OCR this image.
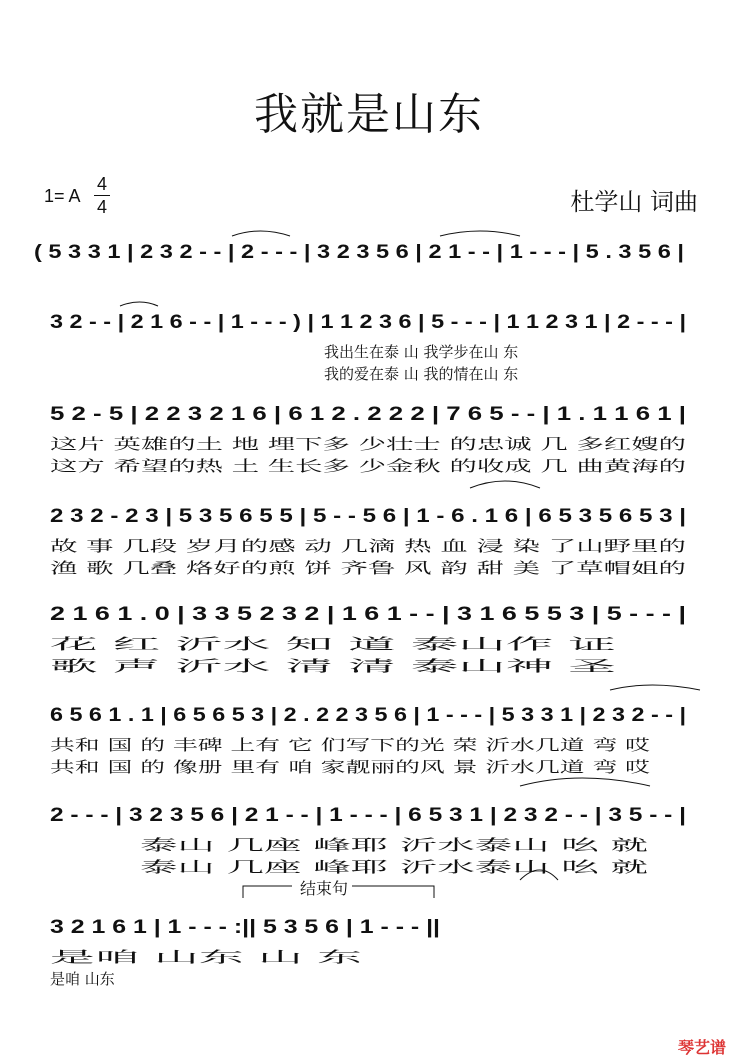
我就是山东
1= A
4
4	杜学山 词曲
( 5 3 3 1 | 2 3 2 - - | 2 - - - | 3 2 3 5 6 | 2 1 - - | 1 - - - | 5 . 3 5 6 |
3 2 - - | 2 1 6 - - | 1 - - - ) | 1 1 2 3 6 | 5 - - - | 1 1 2 3 1 | 2 - - - |
我出生在泰 山 我学步在山 东
我的爱在泰 山 我的情在山 东
5 2 - 5 | 2 2 3 2 1 6 | 6 1 2 . 2 2 2 | 7 6 5 - - | 1 . 1 1 6 1 |
这片 英雄的土 地 埋下多 少壮士 的忠诚 几 多红嫂的
这方 希望的热 土 生长多 少金秋 的收成 几 曲黄海的
2 3 2 - 2 3 | 5 3 5 6 5 5 | 5 - - 5 6 | 1 - 6 . 1 6 | 6 5 3 5 6 5 3 |
故 事 几段 岁月的感 动 几滴 热 血 浸 染 了山野里的
渔 歌 几叠 烙好的煎 饼 齐鲁 风 韵 甜 美 了草帽姐的
2 1 6 1 . 0 | 3 3 5 2 3 2 | 1 6 1 - - | 3 1 6 5 5 3 | 5 - - - |
花 红 沂水 知 道 泰山作 证
歌 声 沂水 清 清 泰山神 圣
6 5 6 1 . 1 | 6 5 6 5 3 | 2 . 2 2 3 5 6 | 1 - - - | 5 3 3 1 | 2 3 2 - - |
共和 国 的 丰碑 上有 它 们写下的光 荣 沂水几道 弯 哎
共和 国 的 像册 里有 咱 家靓丽的风 景 沂水几道 弯 哎
2 - - - | 3 2 3 5 6 | 2 1 - - | 1 - - - | 6 5 3 1 | 2 3 2 - - | 3 5 - - |
泰山 几座 峰耶 沂水泰山 吆 就
泰山 几座 峰耶 沂水泰山 吆 就
3 2 1 6 1 | 1 - - - :|| 5 3 5 6 | 1 - - - ||
是咱 山东 山 东
是咱 山东
结束句
琴艺谱
